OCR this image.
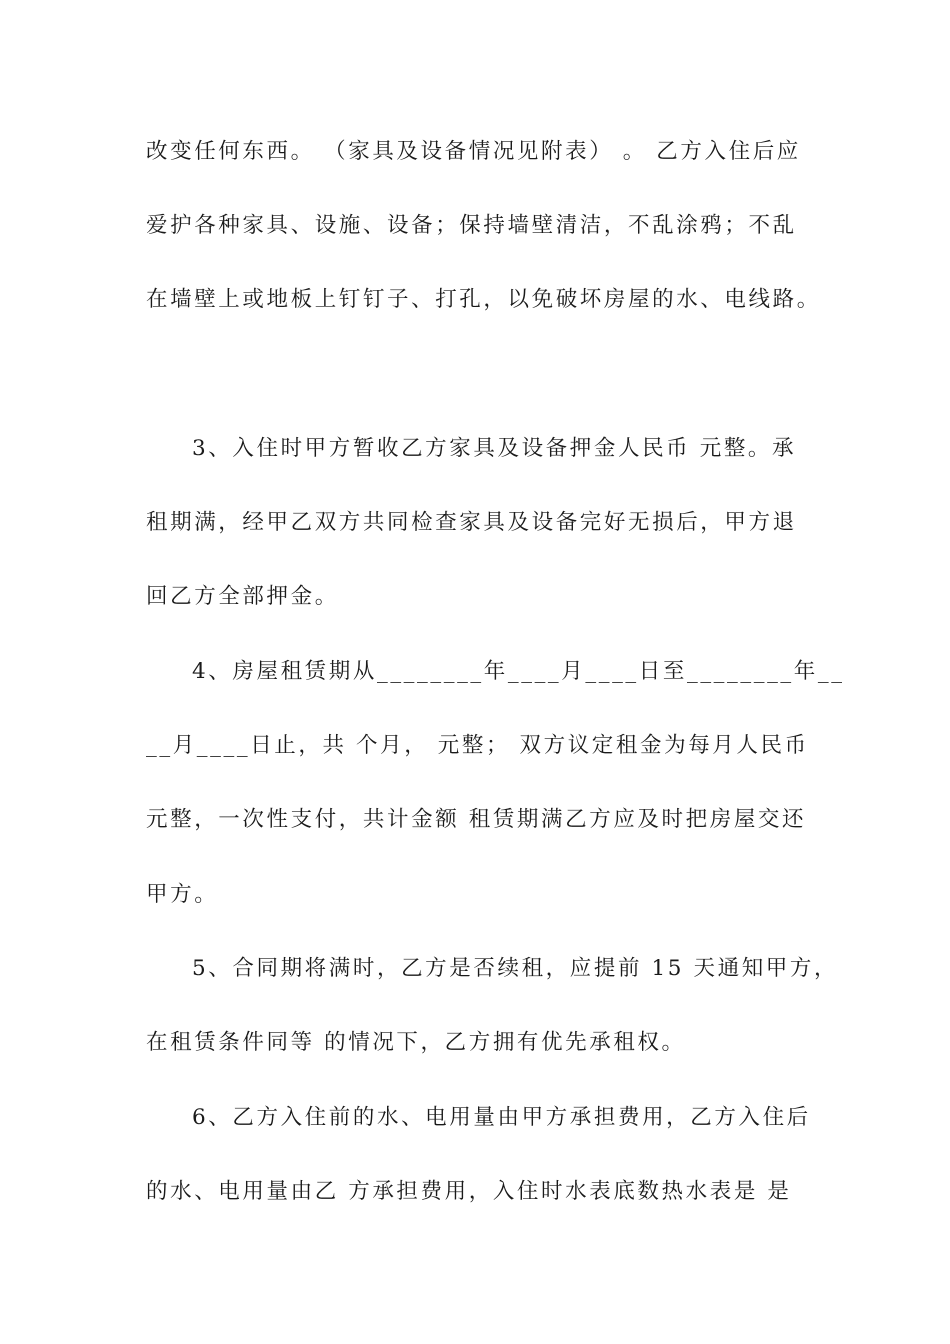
改变任何东西。 （家具及设备情况见附表） 。 乙方入住后应
爱护各种家具、设施、设备；保持墙壁清洁，不乱涂鸦；不乱
在墙壁上或地板上钉钉子、打孔，以免破坏房屋的水、电线路。
3、入住时甲方暂收乙方家具及设备押金人民币 元整。承
租期满，经甲乙双方共同检查家具及设备完好无损后，甲方退
回乙方全部押金。
4、房屋租赁期从________年____月____日至________年__
__月____日止，共 个月， 元整； 双方议定租金为每月人民币
元整，一次性支付，共计金额 租赁期满乙方应及时把房屋交还
甲方。
5、合同期将满时，乙方是否续租，应提前 15 天通知甲方，
在租赁条件同等 的情况下，乙方拥有优先承租权。
6、乙方入住前的水、电用量由甲方承担费用，乙方入住后
的水、电用量由乙 方承担费用，入住时水表底数热水表是 是
